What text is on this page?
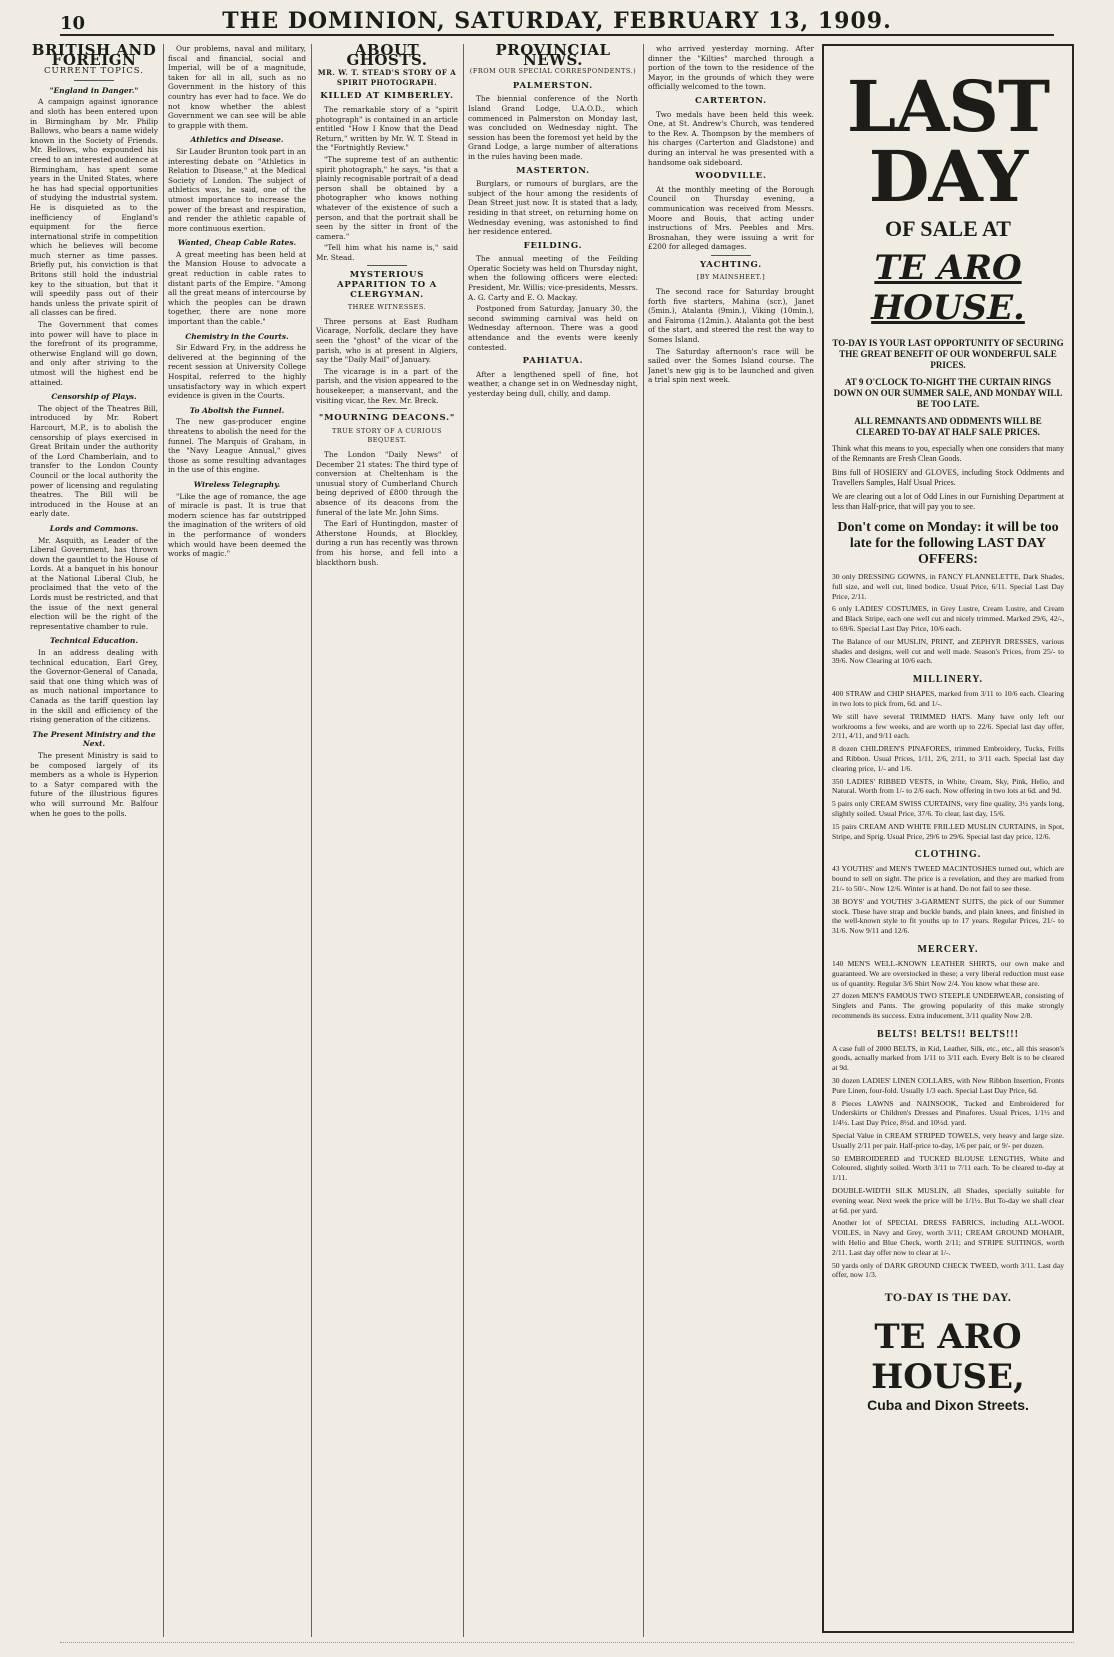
10	THE DOMINION, SATURDAY, FEBRUARY 13, 1909.
BRITISH AND FOREIGN
CURRENT TOPICS.
"England in Danger."

A campaign against ignorance and sloth has been entered upon in Birmingham by Mr. Philip Ballows, who bears a name widely known in the Society of Friends. Mr. Bellows, who expounded his creed to an interested audience at Birmingham, has spent some years in the United States, where he has had special opportunities of studying the industrial system. He is disquieted as to the inefficiency of England's equipment for the fierce international strife in competition which he believes will become much sterner as time passes. Briefly put, his conviction is that Britons still hold the industrial key to the situation, but that it will speedily pass out of their hands unless the private spirit of all classes can be fired.

The Government that comes into power will have to place in the forefront of its programme, otherwise England will go down, and only after striving to the utmost will the highest end be attained.

Censorship of Plays.

The object of the Theatres Bill, introduced by Mr. Robert Harcourt, M.P., is to abolish the censorship of plays exercised in Great Britain under the authority of the Lord Chamberlain, and to transfer to the London County Council or the local authority the power of licensing and regulating theatres. The Bill will be introduced in the House at an early date.

Lords and Commons.

Mr. Asquith, as Leader of the Liberal Government, has thrown down the gauntlet to the House of Lords. At a banquet in his honour at the National Liberal Club, he proclaimed that the veto of the Lords must be restricted, and that the issue of the next general election will be the right of the representative chamber to rule.

Technical Education.

In an address dealing with technical education, Earl Grey, the Governor-General of Canada, said that one thing which was of as much national importance to Canada as the tariff question lay in the skill and efficiency of the rising generation of the citizens.

The Present Ministry and the Next.

The present Ministry is said to be composed largely of its members as a whole is Hyperion to a Satyr compared with the future of the illustrious figures who will surround Mr. Balfour when he goes to the polls.

Our problems, naval and military, fiscal and financial, social and Imperial, will be of a magnitude, taken for all in all, such as no Government in the history of this country has ever had to face. We do not know whether the ablest Government we can see will be able to grapple with them.

Athletics and Disease.

Sir Lauder Brunton took part in an interesting debate on "Athletics in Relation to Disease," at the Medical Society of London. The subject of athletics was, he said, one of the utmost importance to increase the power of the breast and respiration, and render the athletic capable of more continuous exertion.

Wanted, Cheap Cable Rates.

A great meeting has been held at the Mansion House to advocate a great reduction in cable rates to distant parts of the Empire. "Among all the great means of intercourse by which the peoples can be drawn together, there are none more important than the cable."

Chemistry in the Courts.

Sir Edward Fry, in the address he delivered at the beginning of the recent session at University College Hospital, referred to the highly unsatisfactory way in which expert evidence is given in the Courts.

To Abolish the Funnel.

The new gas-producer engine threatens to abolish the need for the funnel. The Marquis of Graham, in the "Navy League Annual," gives those as some resulting advantages in the use of this engine.

Wireless Telegraphy.

"Like the age of romance, the age of miracle is past. It is true that modern science has far outstripped the imagination of the writers of old in the performance of wonders which would have been deemed the works of magic."

ABOUT GHOSTS.
MR. W. T. STEAD'S STORY OF A SPIRIT PHOTOGRAPH.
KILLED AT KIMBERLEY.

The remarkable story of a "spirit photograph" is contained in an article entitled "How I Know that the Dead Return," written by Mr. W. T. Stead in the "Fortnightly Review."

"The supreme test of an authentic spirit photograph," he says, "is that a plainly recognisable portrait of a dead person shall be obtained by a photographer who knows nothing whatever of the existence of such a person, and that the portrait shall be seen by the sitter in front of the camera."

"Tell him what his name is," said Mr. Stead.

MYSTERIOUS APPARITION TO A CLERGYMAN.
THREE WITNESSES.

Three persons at East Rudham Vicarage, Norfolk, declare they have seen the "ghost" of the vicar of the parish, who is at present in Algiers, say the "Daily Mail" of January.

The vicarage is in a part of the parish, and the vision appeared to the housekeeper, a manservant, and the visiting vicar, the Rev. Mr. Breck.

"MOURNING DEACONS."
TRUE STORY OF A CURIOUS BEQUEST.

The London "Daily News" of December 21 states: The third type of conversion at Cheltenham is the unusual story of Cumberland Church being deprived of £800 through the absence of its deacons from the funeral of the late Mr. John Sims.

The Earl of Huntingdon, master of Atherstone Hounds, at Blockley, during a run has recently was thrown from his horse, and fell into a blackthorn bush.

PROVINCIAL NEWS.
(FROM OUR SPECIAL CORRESPONDENTS.)
PALMERSTON.

The biennial conference of the North Island Grand Lodge, U.A.O.D., which commenced in Palmerston on Monday last, was concluded on Wednesday night. The session has been the foremost yet held by the Grand Lodge, a large number of alterations in the rules having been made.

MASTERTON.

Burglars, or rumours of burglars, are the subject of the hour among the residents of Dean Street just now. It is stated that a lady, residing in that street, on returning home on Wednesday evening, was astonished to find her residence entered.

FEILDING.

The annual meeting of the Feilding Operatic Society was held on Thursday night, when the following officers were elected: President, Mr. Willis; vice-presidents, Messrs. A. G. Carty and E. O. Mackay.

Postponed from Saturday, January 30, the second swimming carnival was held on Wednesday afternoon. There was a good attendance and the events were keenly contested.

PAHIATUA.

After a lengthened spell of fine, hot weather, a change set in on Wednesday night, yesterday being dull, chilly, and damp.

who arrived yesterday morning. After dinner the "Kilties" marched through a portion of the town to the residence of the Mayor, in the grounds of which they were officially welcomed to the town.

CARTERTON.

Two medals have been held this week. One, at St. Andrew's Church, was tendered to the Rev. A. Thompson by the members of his charges (Carterton and Gladstone) and during an interval he was presented with a handsome oak sideboard.

WOODVILLE.

At the monthly meeting of the Borough Council on Thursday evening, a communication was received from Messrs. Moore and Bouis, that acting under instructions of Mrs. Peebles and Mrs. Brosnahan, they were issuing a writ for £200 for alleged damages.

YACHTING.
[BY MAINSHEET.]

The second race for Saturday brought forth five starters, Mahina (scr.), Janet (5min.), Atalanta (9min.), Viking (10min.), and Fairoma (12min.). Atalanta got the best of the start, and steered the rest the way to Somes Island.

The Saturday afternoon's race will be sailed over the Somes Island course. The Janet's new gig is to be launched and given a trial spin next week.

LAST DAY
OF SALE AT
TE ARO HOUSE.
TO-DAY IS YOUR LAST OPPORTUNITY OF SECURING THE GREAT BENEFIT OF OUR WONDERFUL SALE PRICES.
AT 9 O'CLOCK TO-NIGHT THE CURTAIN RINGS DOWN ON OUR SUMMER SALE, AND MONDAY WILL BE TOO LATE.
ALL REMNANTS AND ODDMENTS WILL BE CLEARED TO-DAY AT HALF SALE PRICES.
Think what this means to you, especially when one considers that many of the Remnants are Fresh Clean Goods.
Bins full of HOSIERY and GLOVES, including Stock Oddments and Travellers Samples, Half Usual Prices.
We are clearing out a lot of Odd Lines in our Furnishing Department at less than Half-price, that will pay you to see.
Don't come on Monday: it will be too late for the following LAST DAY OFFERS:
30 only DRESSING GOWNS, in FANCY FLANNELETTE, Dark Shades, full size, and well cut, lined bodice. Usual Price, 6/11. Special Last Day Price, 2/11.
6 only LADIES' COSTUMES, in Grey Lustre, Cream Lustre, and Cream and Black Stripe, each one well cut and nicely trimmed. Marked 29/6, 42/-, to 69/6. Special Last Day Price, 10/6 each.
The Balance of our MUSLIN, PRINT, and ZEPHYR DRESSES, various shades and designs, well cut and well made. Season's Prices, from 25/- to 39/6. Now Clearing at 10/6 each.
MILLINERY.
400 STRAW and CHIP SHAPES, marked from 3/11 to 10/6 each. Clearing in two lots to pick from, 6d. and 1/-.
We still have several TRIMMED HATS. Many have only left our workrooms a few weeks, and are worth up to 22/6. Special last day offer, 2/11, 4/11, and 9/11 each.
8 dozen CHILDREN'S PINAFORES, trimmed Embroidery, Tucks, Frills and Ribbon. Usual Prices, 1/11, 2/6, 2/11, to 3/11 each. Special last day clearing price, 1/- and 1/6.
350 LADIES' RIBBED VESTS, in White, Cream, Sky, Pink, Helio, and Natural. Worth from 1/- to 2/6 each. Now offering in two lots at 6d. and 9d.
5 pairs only CREAM SWISS CURTAINS, very fine quality, 3½ yards long, slightly soiled. Usual Price, 37/6. To clear, last day, 15/6.
15 pairs CREAM AND WHITE FRILLED MUSLIN CURTAINS, in Spot, Stripe, and Sprig. Usual Price, 29/6 to 29/6. Special last day price, 12/6.
CLOTHING.
43 YOUTHS' and MEN'S TWEED MACINTOSHES turned out, which are bound to sell on sight. The price is a revelation, and they are marked from 21/- to 50/-. Now 12/6. Winter is at hand. Do not fail to see these.
38 BOYS' and YOUTHS' 3-GARMENT SUITS, the pick of our Summer stock. These have strap and buckle bands, and plain knees, and finished in the well-known style to fit youths up to 17 years. Regular Prices, 21/- to 31/6. Now 9/11 and 12/6.
MERCERY.
140 MEN'S WELL-KNOWN LEATHER SHIRTS, our own make and guaranteed. We are overstocked in these; a very liberal reduction must ease us of quantity. Regular 3/6 Shirt Now 2/4. You know what these are.
27 dozen MEN'S FAMOUS TWO STEEPLE UNDERWEAR, consisting of Singlets and Pants. The growing popularity of this make strongly recommends its success. Extra inducement, 3/11 quality Now 2/8.
BELTS! BELTS!! BELTS!!!
A case full of 2000 BELTS, in Kid, Leather, Silk, etc., etc., all this season's goods, actually marked from 1/11 to 3/11 each. Every Belt is to be cleared at 9d.
30 dozen LADIES' LINEN COLLARS, with New Ribbon Insertion, Fronts Pure Linen, four-fold. Usually 1/3 each. Special Last Day Price, 6d.
8 Pieces LAWNS and NAINSOOK, Tucked and Embroidered for Underskirts or Children's Dresses and Pinafores. Usual Prices, 1/1½ and 1/4½. Last Day Price, 8½d. and 10½d. yard.
Special Value in CREAM STRIPED TOWELS, very heavy and large size. Usually 2/11 per pair. Half-price to-day, 1/6 per pair, or 9/- per dozen.
50 EMBROIDERED and TUCKED BLOUSE LENGTHS, White and Coloured, slightly soiled. Worth 3/11 to 7/11 each. To be cleared to-day at 1/11.
DOUBLE-WIDTH SILK MUSLIN, all Shades, specially suitable for evening wear. Next week the price will be 1/1½. But To-day we shall clear at 6d. per yard.
Another lot of SPECIAL DRESS FABRICS, including ALL-WOOL VOILES, in Navy and Grey, worth 3/11; CREAM GROUND MOHAIR, with Helio and Blue Check, worth 2/11; and STRIPE SUITINGS, worth 2/11. Last day offer now to clear at 1/-.
50 yards only of DARK GROUND CHECK TWEED, worth 3/11. Last day offer, now 1/3.
TO-DAY IS THE DAY.
TE ARO HOUSE,
Cuba and Dixon Streets.
